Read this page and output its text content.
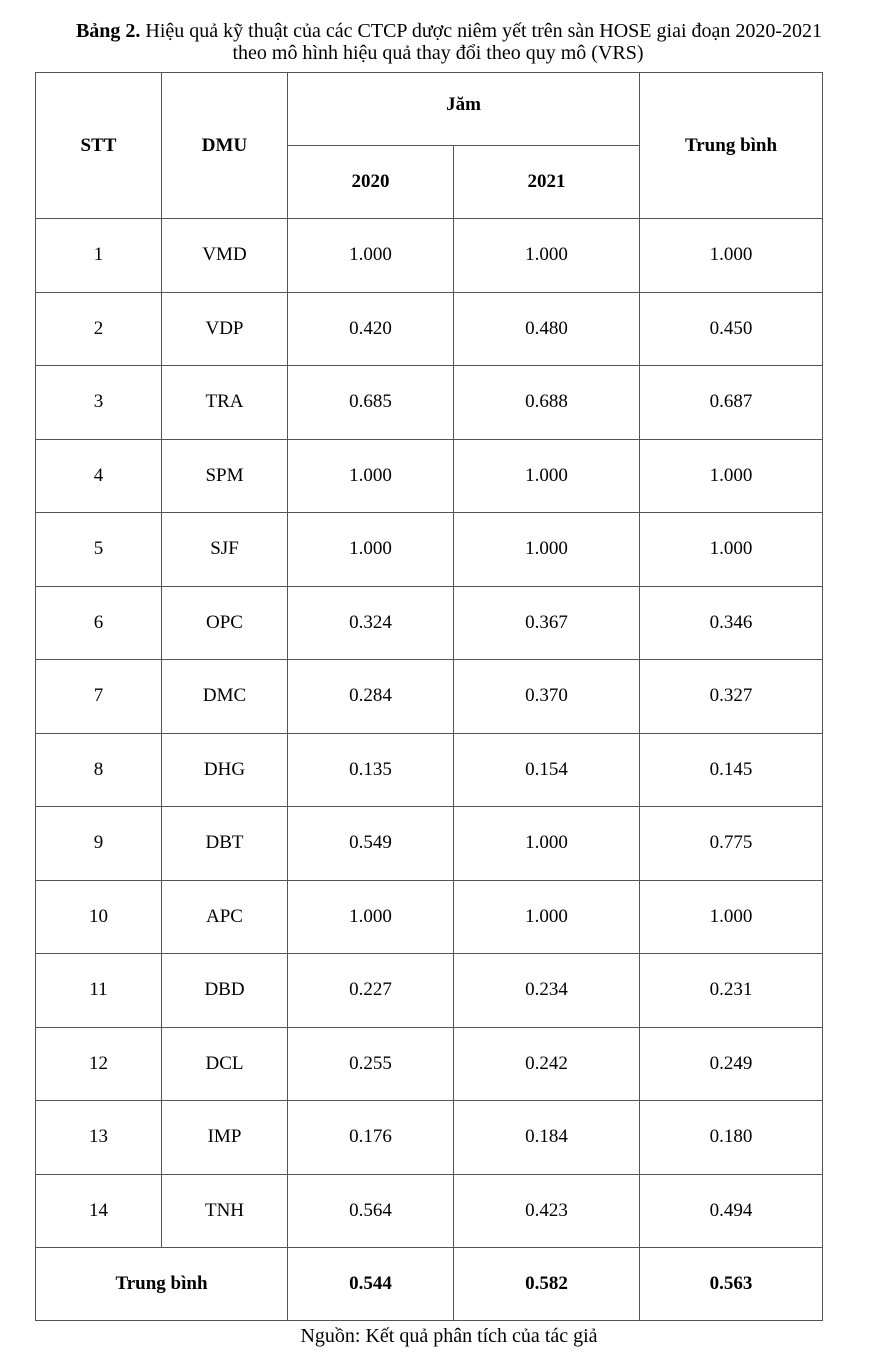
Bảng 2. Hiệu quả kỹ thuật của các CTCP dược niêm yết trên sàn HOSE giai đoạn 2020-2021
theo mô hình hiệu quả thay đổi theo quy mô (VRS)
STT	DMU	Jăm		Trung bình
		2020	2021	
1	VMD	1.000	1.000	1.000
2	VDP	0.420	0.480	0.450
3	TRA	0.685	0.688	0.687
4	SPM	1.000	1.000	1.000
5	SJF	1.000	1.000	1.000
6	OPC	0.324	0.367	0.346
7	DMC	0.284	0.370	0.327
8	DHG	0.135	0.154	0.145
9	DBT	0.549	1.000	0.775
10	APC	1.000	1.000	1.000
11	DBD	0.227	0.234	0.231
12	DCL	0.255	0.242	0.249
13	IMP	0.176	0.184	0.180
14	TNH	0.564	0.423	0.494
Trung bình		0.544	0.582	0.563
Nguồn: Kết quả phân tích của tác giả
